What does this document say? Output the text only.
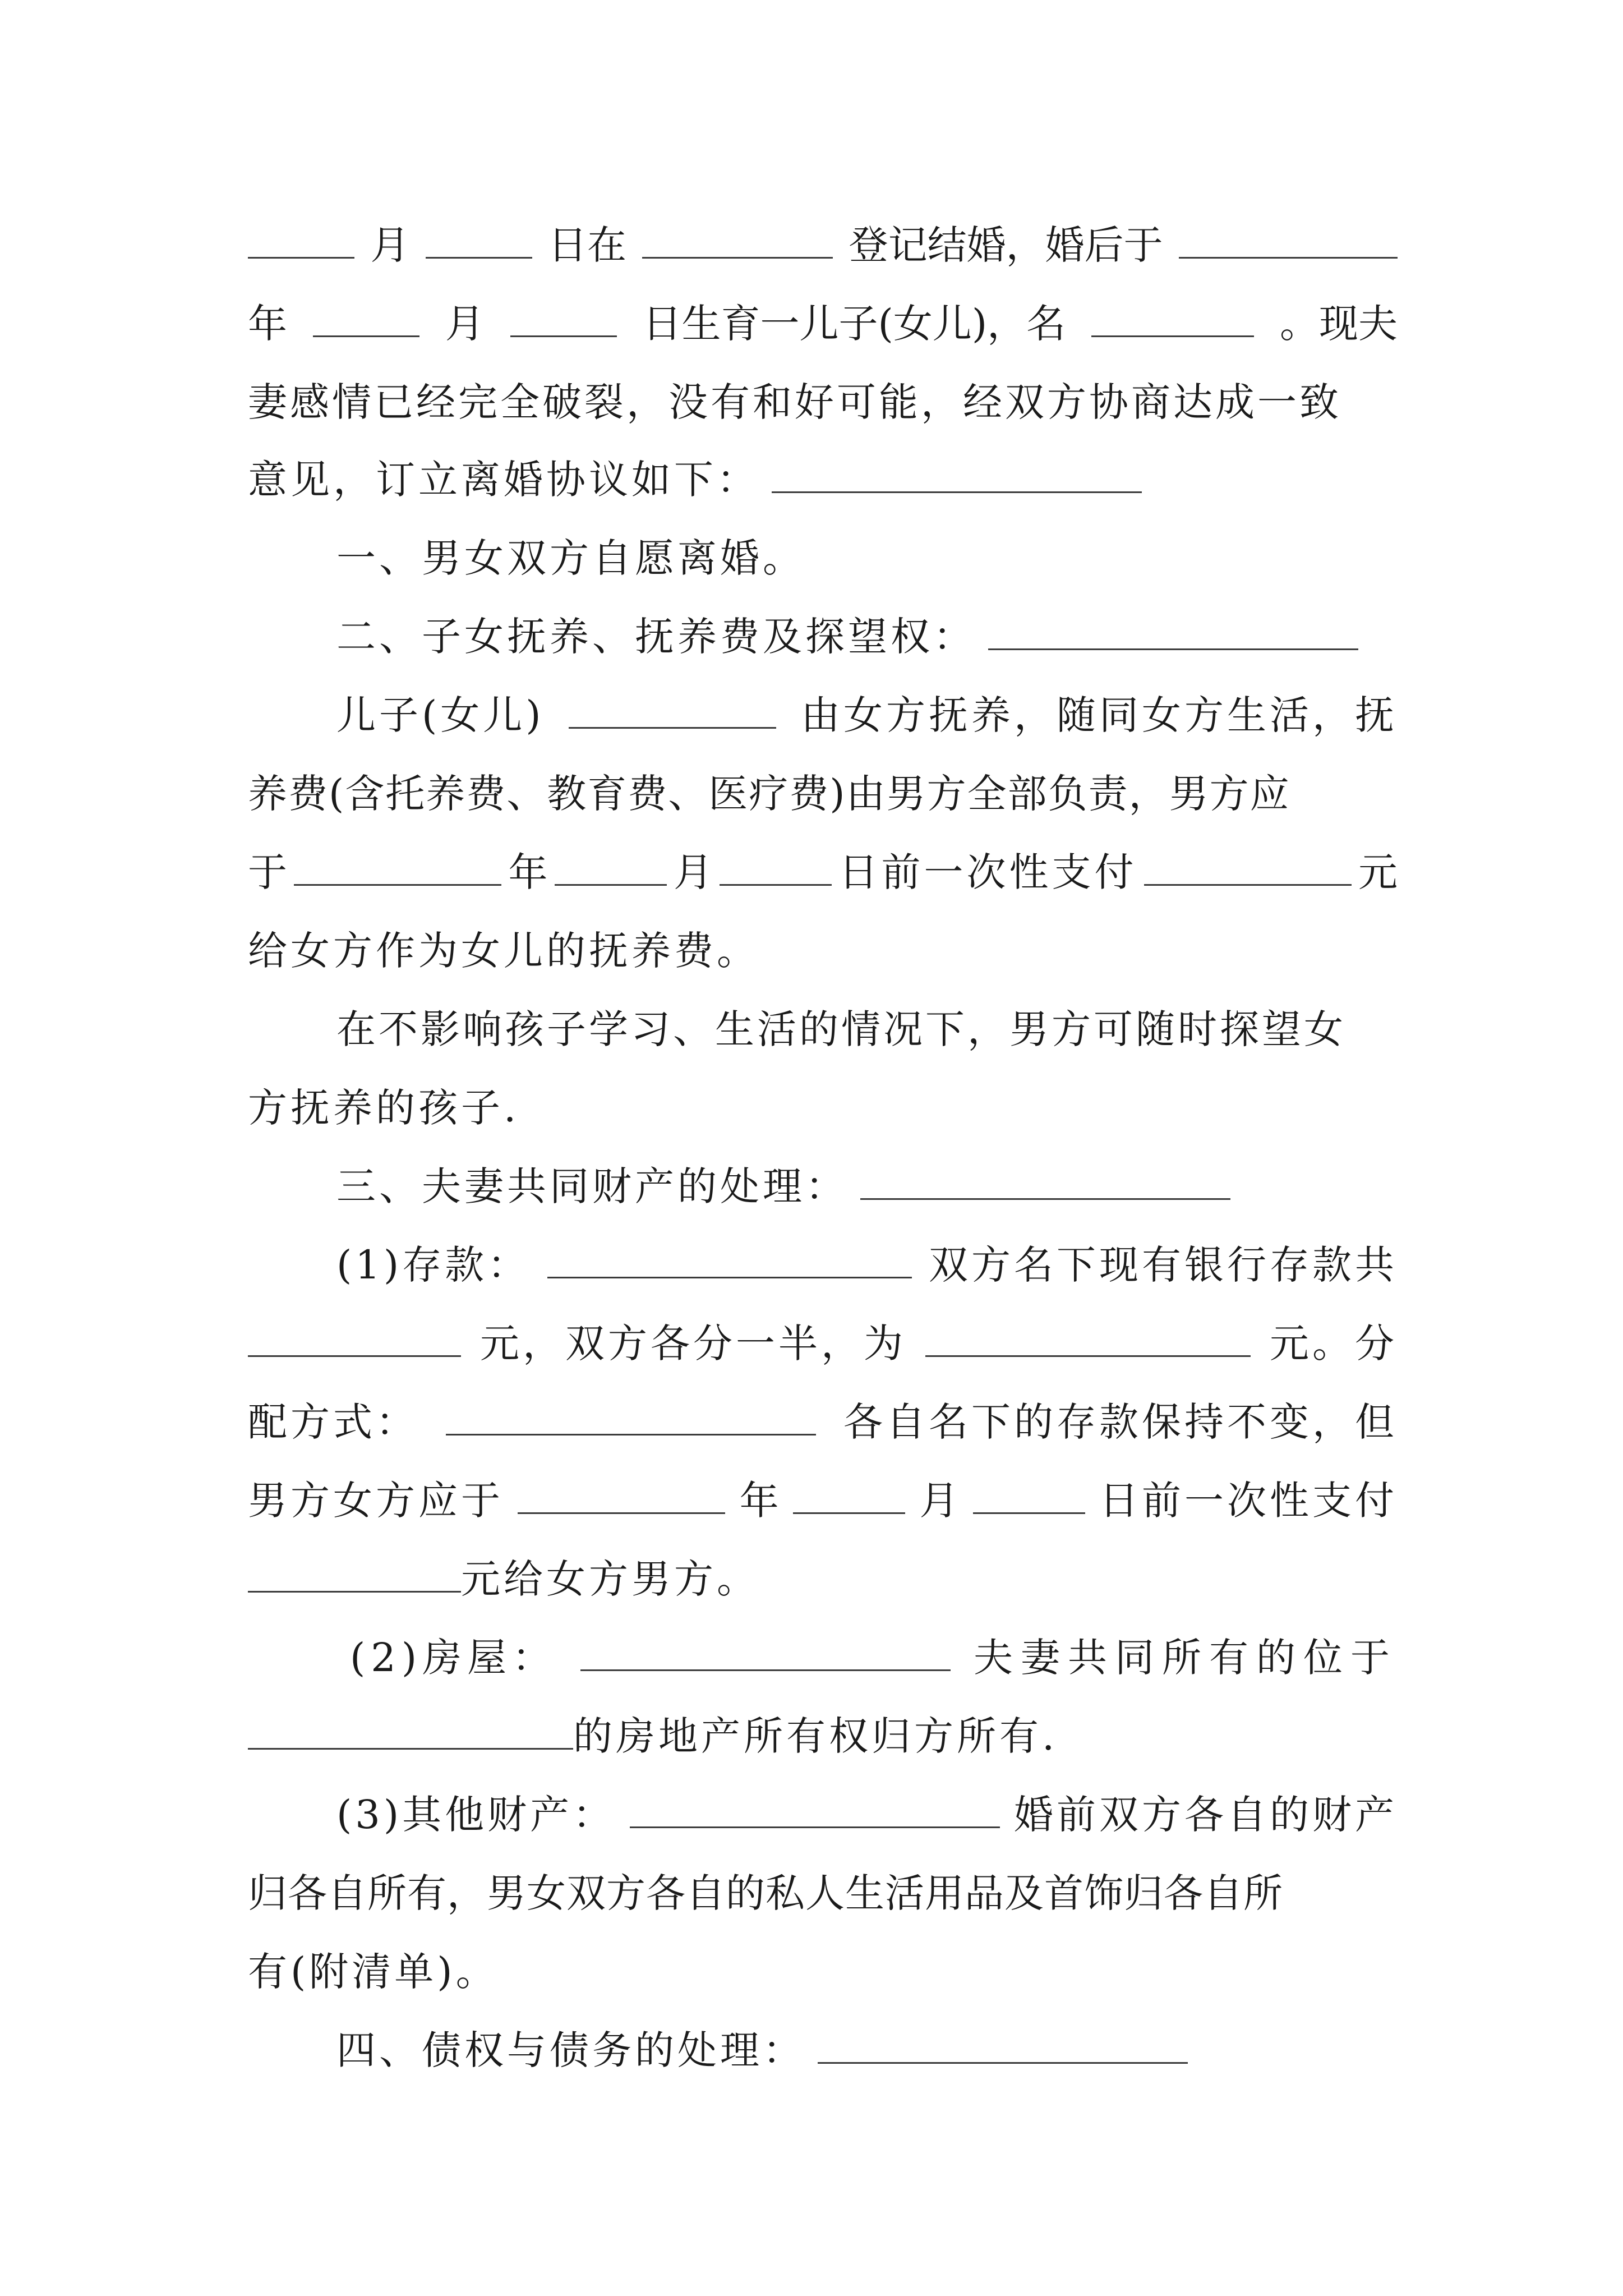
月	日在	登记结婚，婚后于
年	月	日生育一儿子(女儿)，名	。现夫
妻感情已经完全破裂，没有和好可能，经双方协商达成一致
意见，订立离婚协议如下：
一、男女双方自愿离婚。
二、子女抚养、抚养费及探望权：
儿子(女儿)	由女方抚养，随同女方生活，抚
养费(含托养费、教育费、医疗费)由男方全部负责，男方应
于	年	月	日前一次性支付	元
给女方作为女儿的抚养费。
在不影响孩子学习、生活的情况下，男方可随时探望女
方抚养的孩子.
三、夫妻共同财产的处理：
(1)存款：	双方名下现有银行存款共
元，双方各分一半，为	元。分
配方式：	各自名下的存款保持不变，但
男方女方应于	年	月	日前一次性支付
元给女方男方。
(2)房屋：	夫妻共同所有的位于
的房地产所有权归方所有.
(3)其他财产：	婚前双方各自的财产
归各自所有，男女双方各自的私人生活用品及首饰归各自所
有(附清单)。
四、债权与债务的处理：
